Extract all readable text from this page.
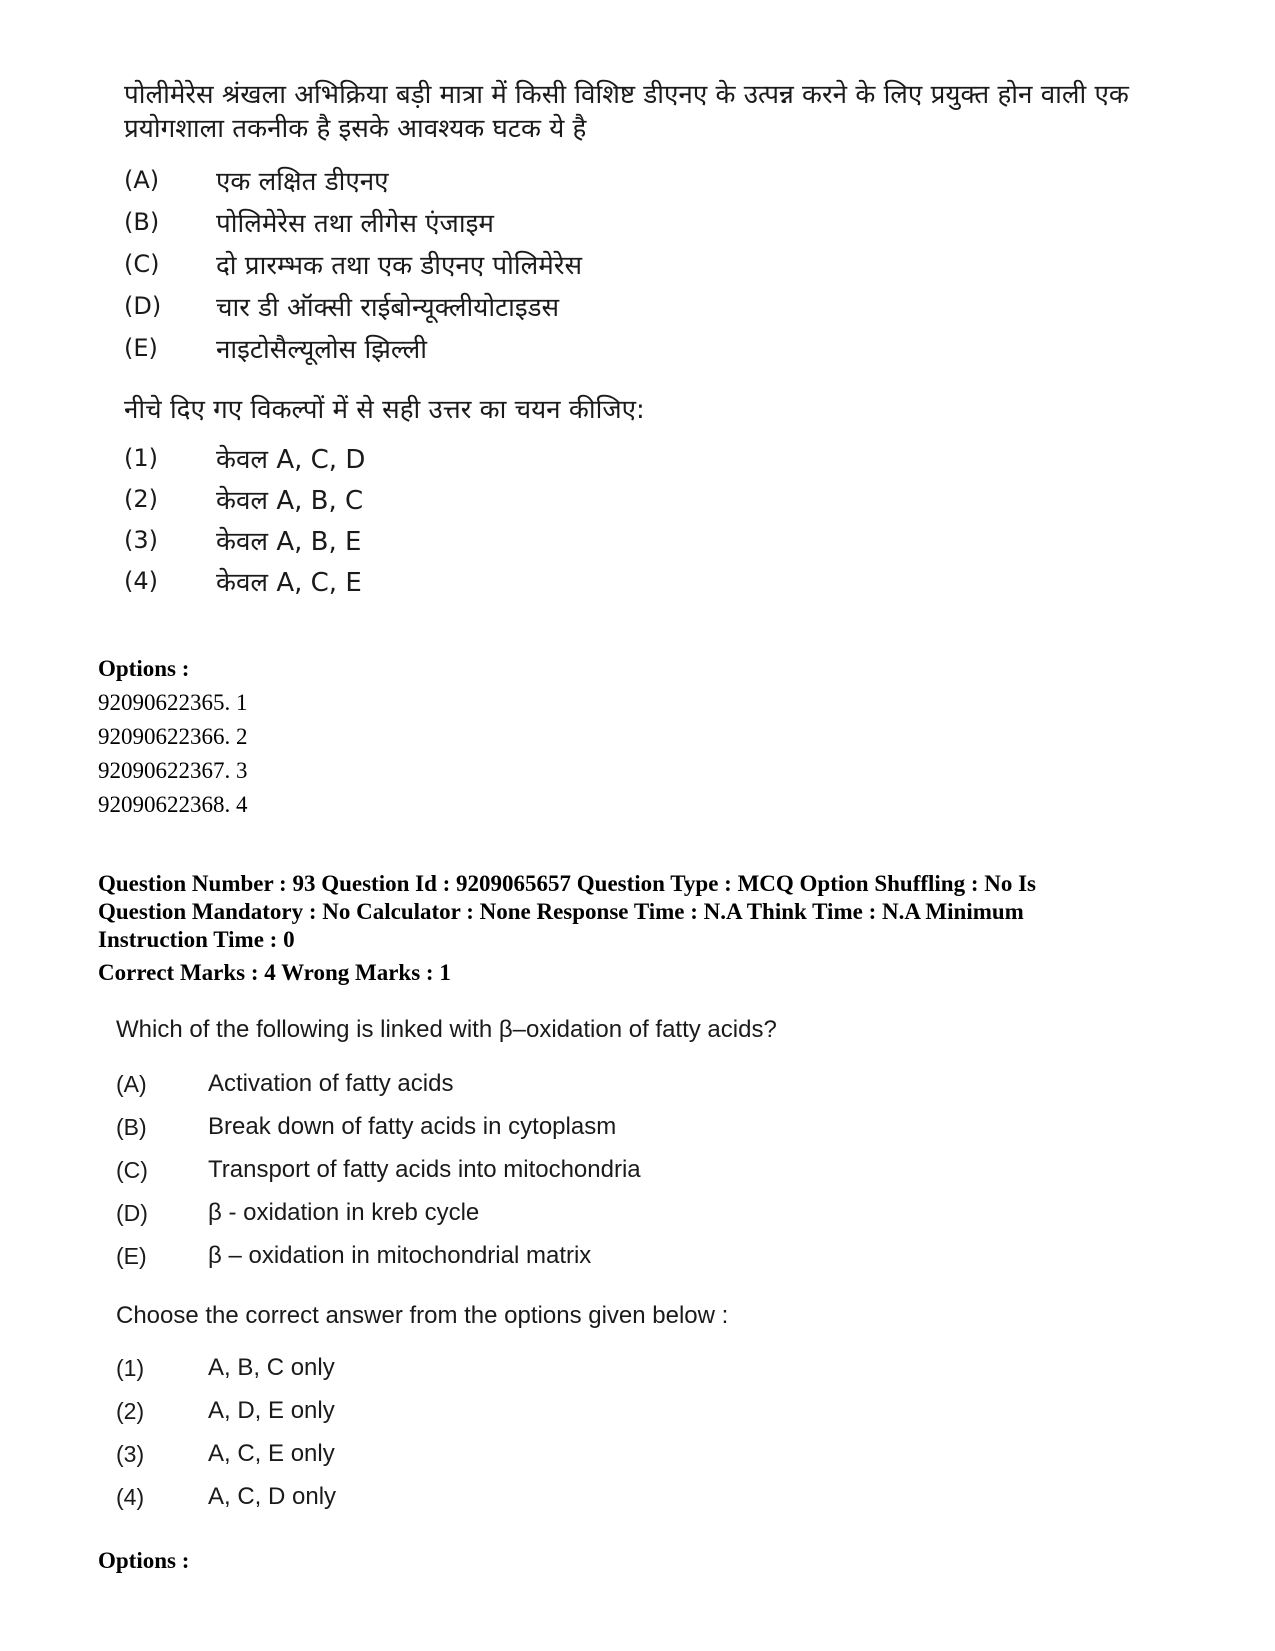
पोलीमेरेस श्रंखला अभिक्रिया बड़ी मात्रा में किसी विशिष्ट डीएनए के उत्पन्न करने के लिए प्रयुक्त होन वाली एक प्रयोगशाला तकनीक है इसके आवश्यक घटक ये है

(A)	एक लक्षित डीएनए
(B)	पोलिमेरेस तथा लीगेस एंजाइम
(C)	दो प्रारम्भक तथा एक डीएनए पोलिमेरेस
(D)	चार डी ऑक्सी राईबोन्यूक्लीयोटाइडस
(E)	नाइटोसैल्यूलोस झिल्ली
नीचे दिए गए विकल्पों में से सही उत्तर का चयन कीजिए:
(1)	केवल A, C, D
(2)	केवल A, B, C
(3)	केवल A, B, E
(4)	केवल A, C, E
Options :
92090622365. 1
92090622366. 2
92090622367. 3
92090622368. 4
Question Number : 93 Question Id : 9209065657 Question Type : MCQ Option Shuffling : No Is
Question Mandatory : No Calculator : None Response Time : N.A Think Time : N.A Minimum
Instruction Time : 0
Correct Marks : 4 Wrong Marks : 1
Which of the following is linked with β–oxidation of fatty acids?
(A)	Activation of fatty acids
(B)	Break down of fatty acids in cytoplasm
(C)	Transport of fatty acids into mitochondria
(D)	β - oxidation in kreb cycle
(E)	β – oxidation in mitochondrial matrix
Choose the correct answer from the options given below :
(1)	A, B, C only
(2)	A, D, E only
(3)	A, C, E only
(4)	A, C, D only
Options :
